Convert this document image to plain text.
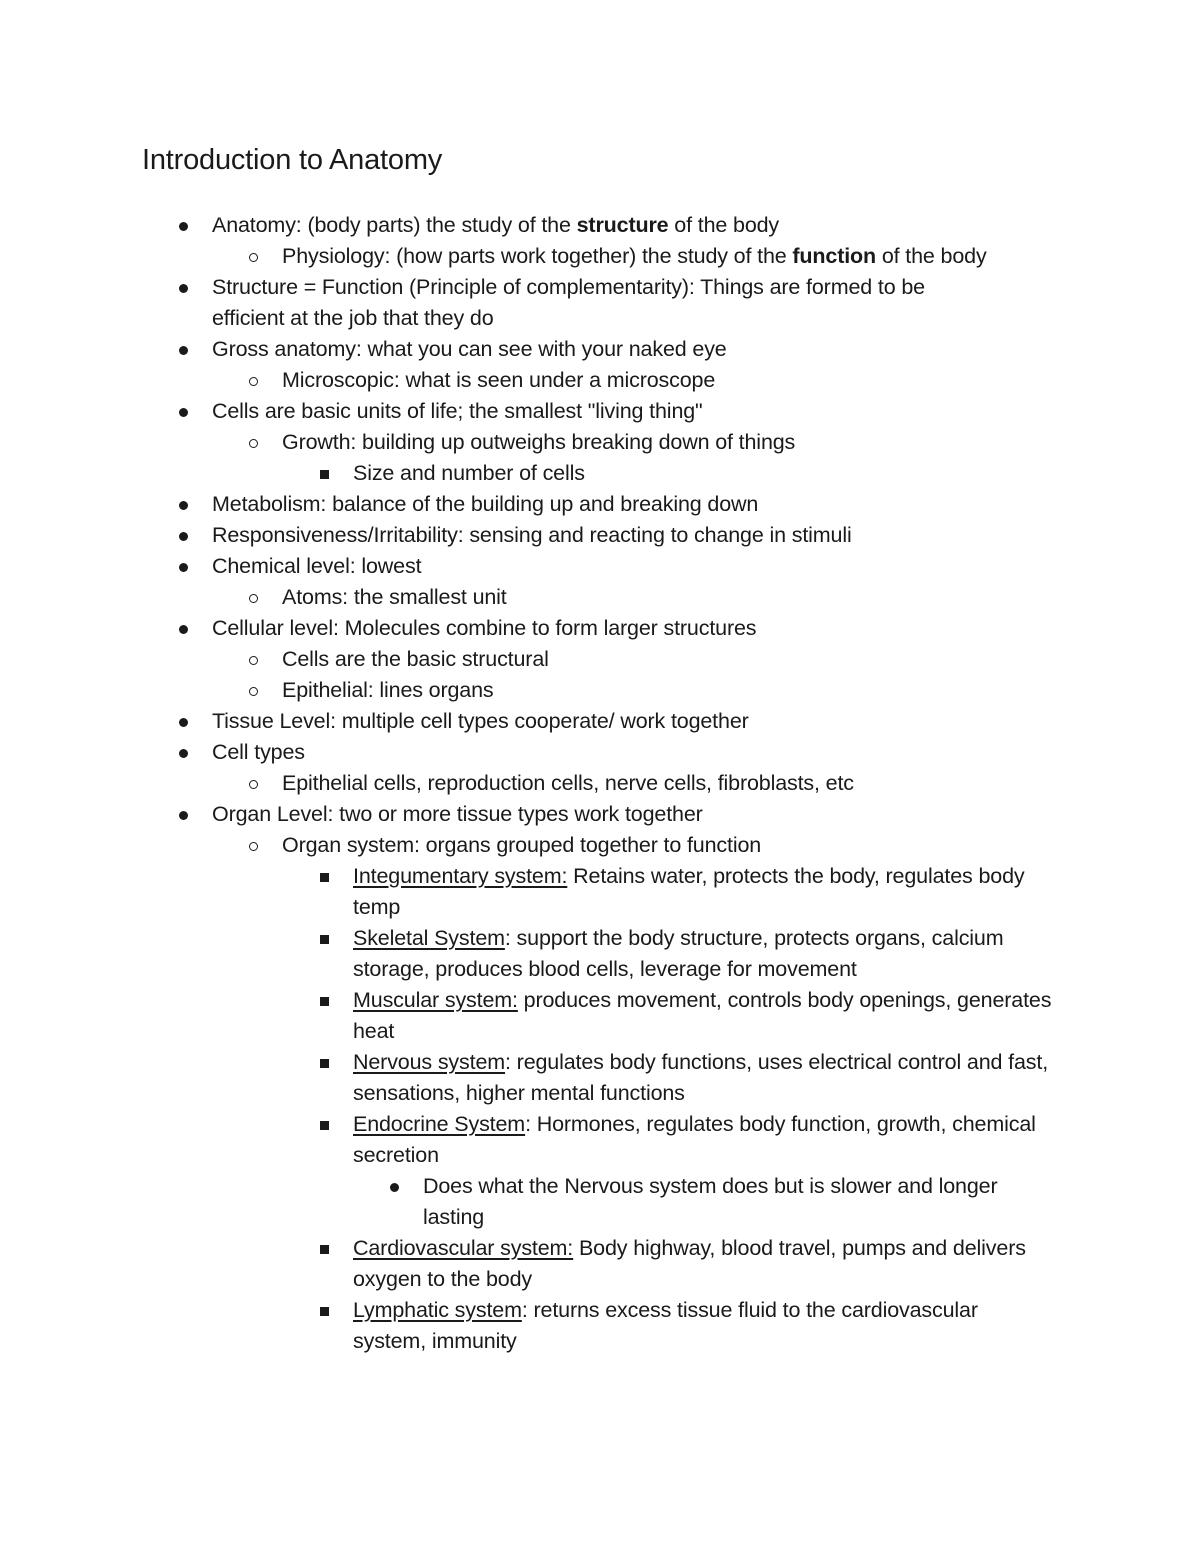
Introduction to Anatomy
Anatomy: (body parts) the study of the structure of the body
Physiology: (how parts work together) the study of the function of the body
Structure = Function (Principle of complementarity): Things are formed to be efficient at the job that they do
Gross anatomy: what you can see with your naked eye
Microscopic: what is seen under a microscope
Cells are basic units of life; the smallest "living thing"
Growth: building up outweighs breaking down of things
Size and number of cells
Metabolism: balance of the building up and breaking down
Responsiveness/Irritability: sensing and reacting to change in stimuli
Chemical level: lowest
Atoms: the smallest unit
Cellular level: Molecules combine to form larger structures
Cells are the basic structural
Epithelial: lines organs
Tissue Level: multiple cell types cooperate/ work together
Cell types
Epithelial cells, reproduction cells, nerve cells, fibroblasts, etc
Organ Level: two or more tissue types work together
Organ system: organs grouped together to function
Integumentary system: Retains water, protects the body, regulates body temp
Skeletal System: support the body structure, protects organs, calcium storage, produces blood cells, leverage for movement
Muscular system: produces movement, controls body openings, generates heat
Nervous system: regulates body functions, uses electrical control and fast, sensations, higher mental functions
Endocrine System: Hormones, regulates body function, growth, chemical secretion
Does what the Nervous system does but is slower and longer lasting
Cardiovascular system: Body highway, blood travel, pumps and delivers oxygen to the body
Lymphatic system: returns excess tissue fluid to the cardiovascular system, immunity
